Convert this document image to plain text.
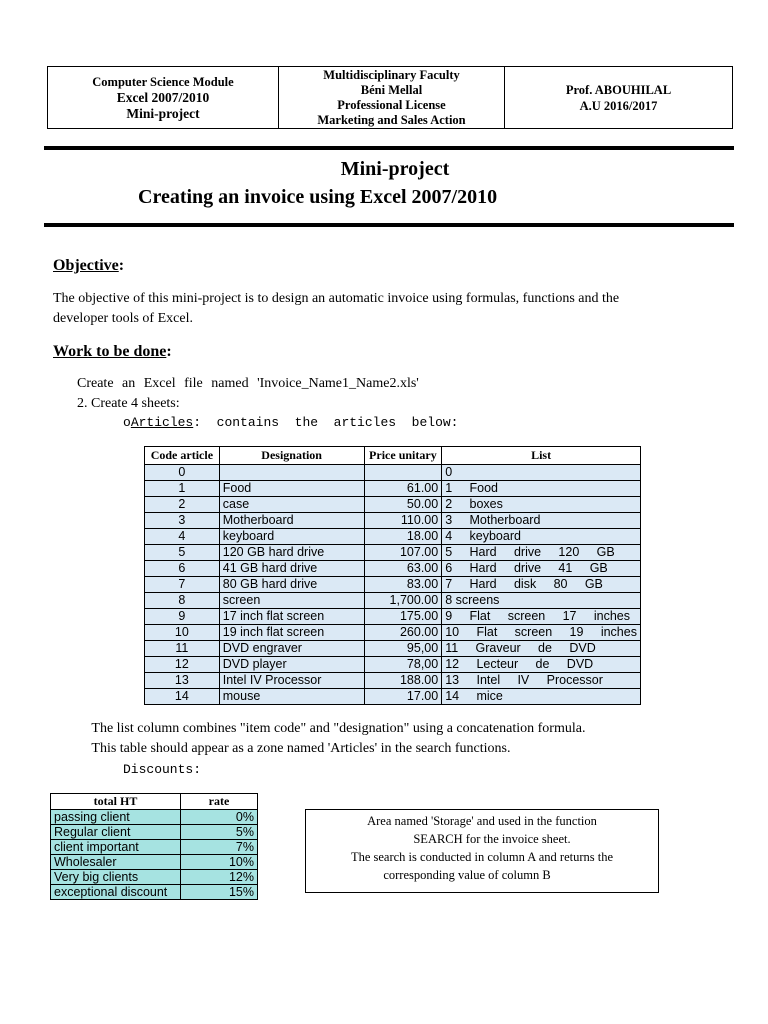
Computer Science Module
Excel 2007/2010
Mini-project
Multidisciplinary Faculty
Béni Mellal
Professional License
Marketing and Sales Action
Prof. ABOUHILAL
A.U 2016/2017
Mini-project
Creating an invoice using Excel 2007/2010
Objective:
The objective of this mini-project is to design an automatic invoice using formulas, functions and the developer tools of Excel.
Work to be done:
Create an Excel file named 'Invoice_Name1_Name2.xls'
2. Create 4 sheets:
oArticles:  contains  the  articles  below:
Code article	Designation	Price unitary	List
0			0
1	Food	61.00	1     Food
2	case	50.00	2     boxes
3	Motherboard	110.00	3     Motherboard
4	keyboard	18.00	4     keyboard
5	120 GB hard drive	107.00	5     Hard     drive     120     GB
6	41 GB hard drive	63.00	6     Hard     drive     41     GB
7	80 GB hard drive	83.00	7     Hard     disk     80     GB
8	screen	1,700.00	8 screens
9	17 inch flat screen	175.00	9     Flat     screen     17     inches
10	19 inch flat screen	260.00	10     Flat     screen     19     inches
11	DVD engraver	95,00	11     Graveur     de     DVD
12	DVD player	78,00	12     Lecteur     de     DVD
13	Intel IV Processor	188.00	13     Intel     IV     Processor
14	mouse	17.00	14     mice
The list column combines "item code" and "designation" using a concatenation formula.
This table should appear as a zone named 'Articles' in the search functions.
Discounts:
total HT	rate
passing client	0%
Regular client	5%
client important	7%
Wholesaler	10%
Very big clients	12%
exceptional discount	15%
Area named 'Storage' and used in the function
SEARCH for the invoice sheet.
The search is conducted in column A and returns the
corresponding value of column B
